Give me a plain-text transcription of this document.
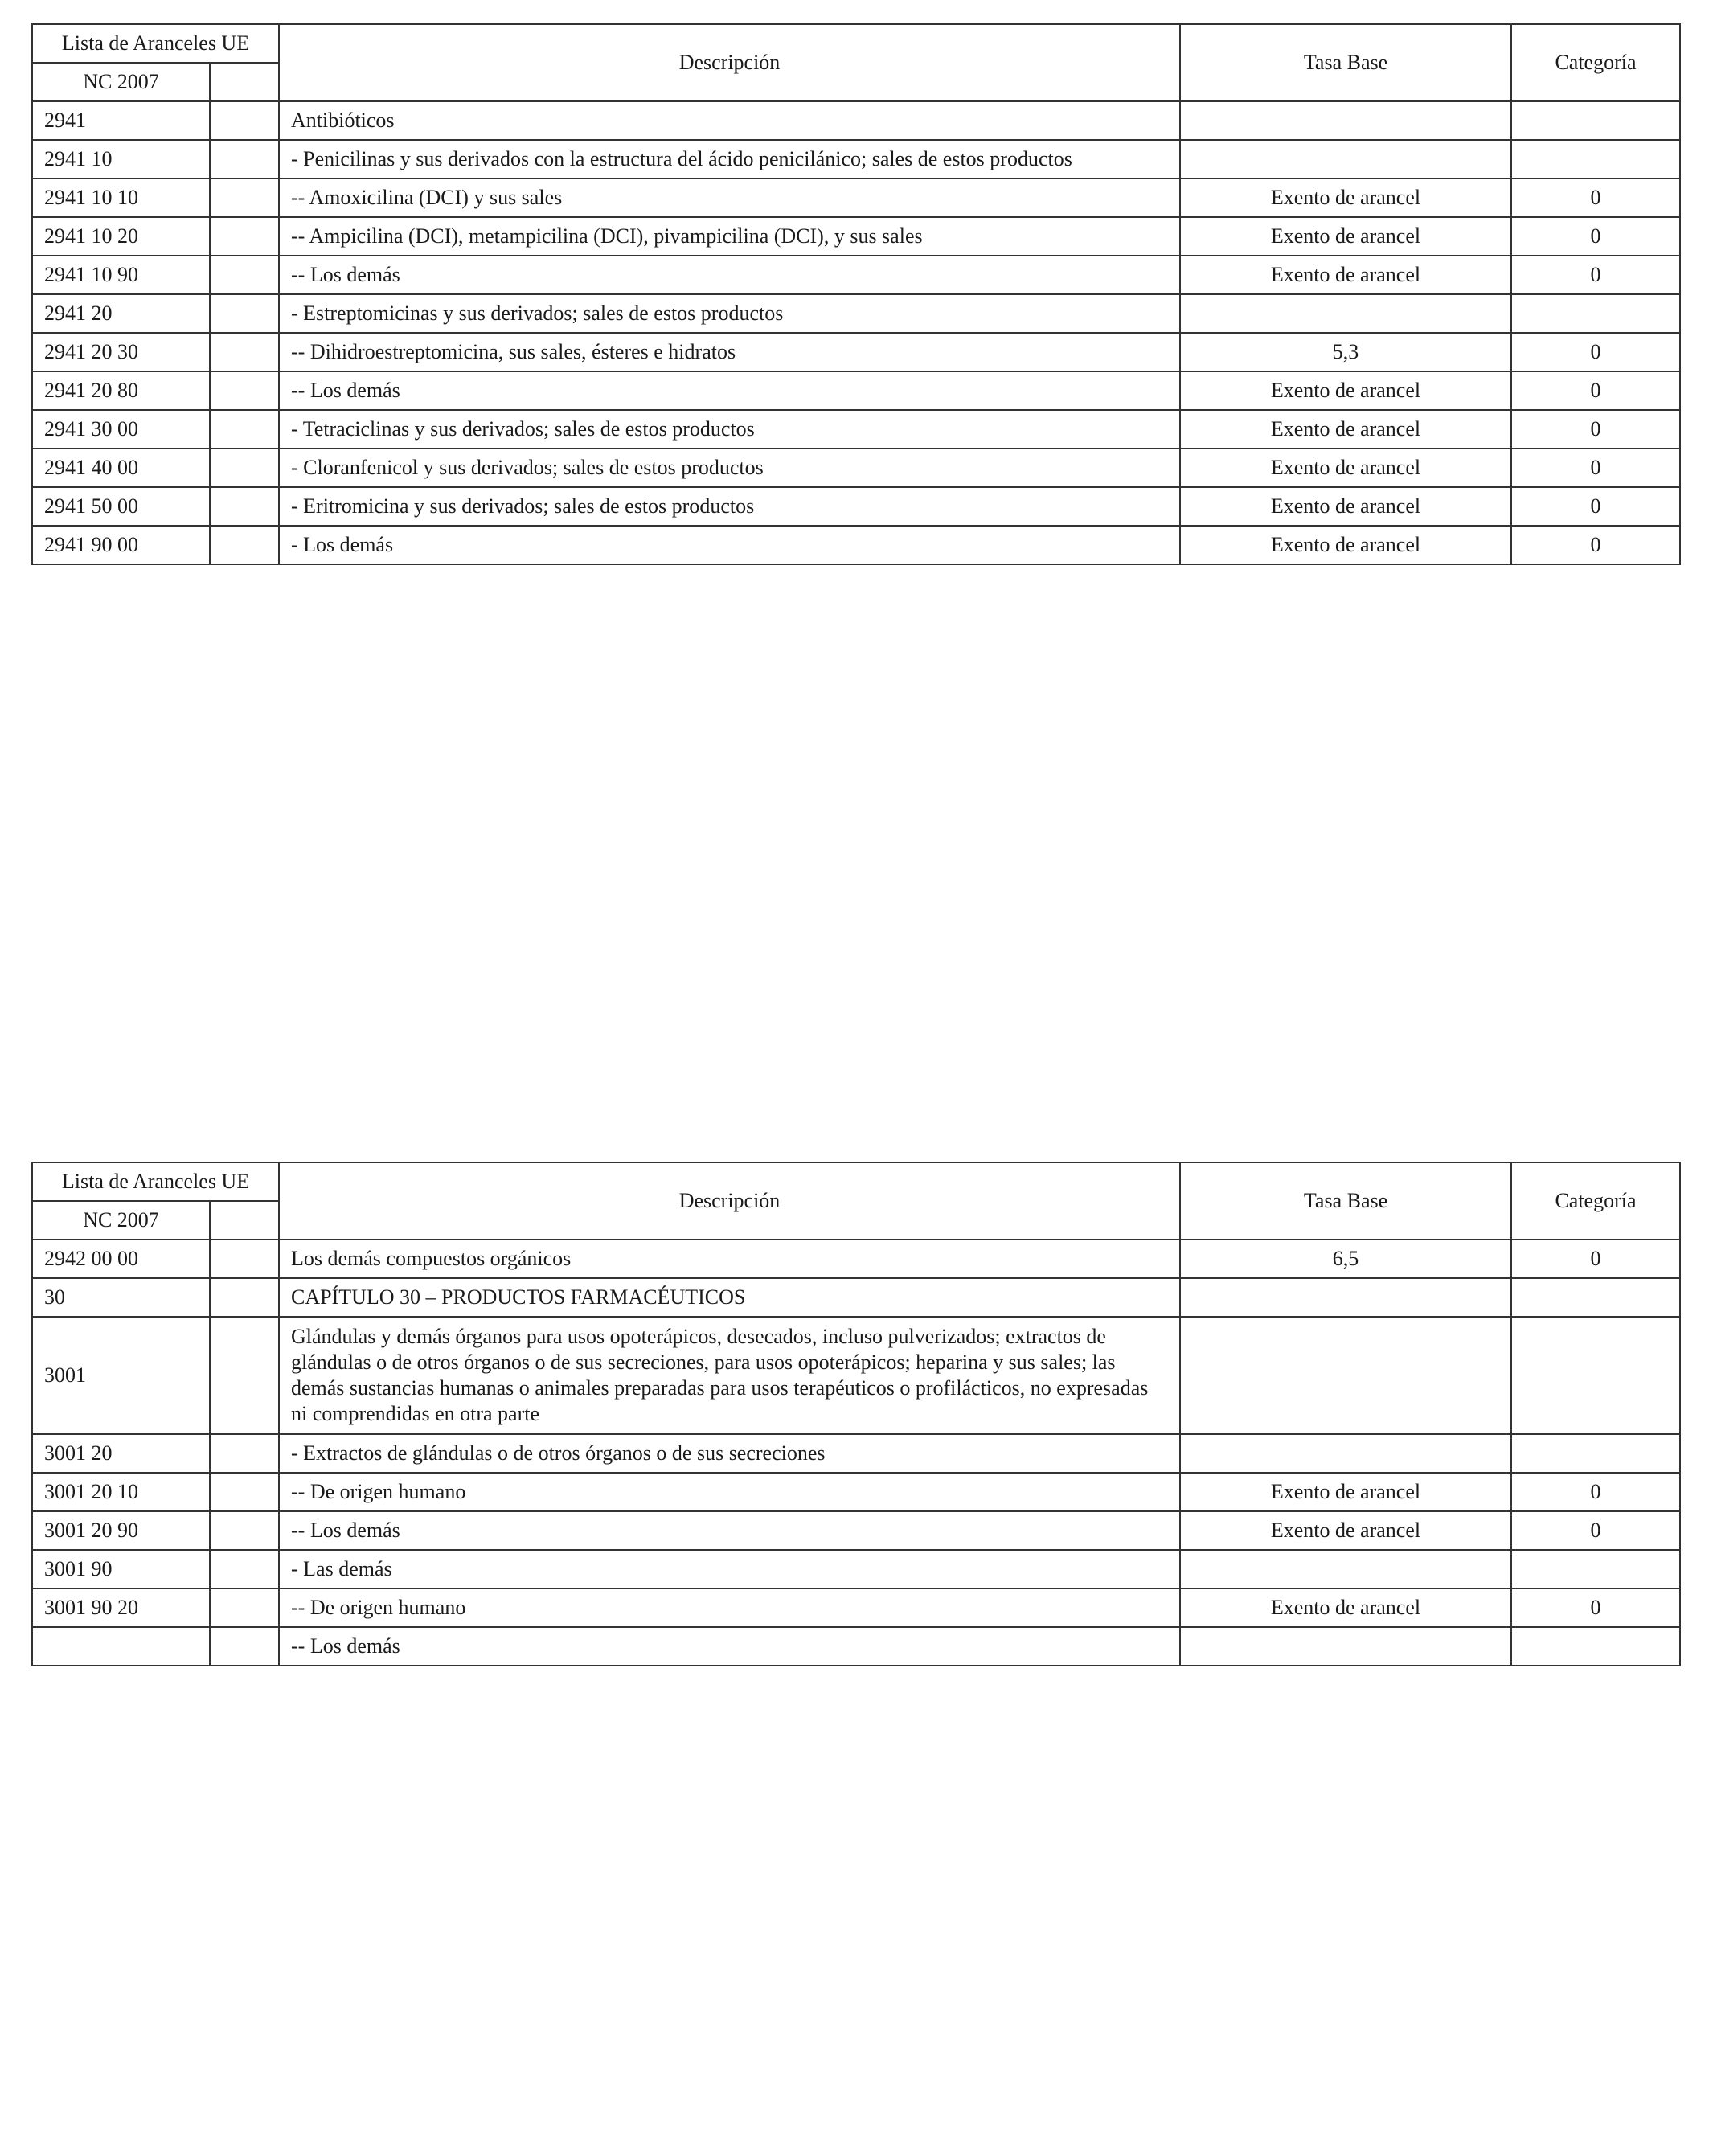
Lista de Aranceles UE		Descripción	Tasa Base	Categoría
NC 2007				
2941		Antibióticos		
2941 10		- Penicilinas y sus derivados con la estructura del ácido penicilánico; sales de estos productos		
2941 10 10		-- Amoxicilina (DCI) y sus sales	Exento de arancel	0
2941 10 20		-- Ampicilina (DCI), metampicilina (DCI), pivampicilina (DCI), y sus sales	Exento de arancel	0
2941 10 90		-- Los demás	Exento de arancel	0
2941 20		- Estreptomicinas y sus derivados; sales de estos productos		
2941 20 30		-- Dihidroestreptomicina, sus sales, ésteres e hidratos	5,3	0
2941 20 80		-- Los demás	Exento de arancel	0
2941 30 00		- Tetraciclinas y sus derivados; sales de estos productos	Exento de arancel	0
2941 40 00		- Cloranfenicol y sus derivados; sales de estos productos	Exento de arancel	0
2941 50 00		- Eritromicina y sus derivados; sales de estos productos	Exento de arancel	0
2941 90 00		- Los demás	Exento de arancel	0
Lista de Aranceles UE		Descripción	Tasa Base	Categoría
NC 2007				
2942 00 00		Los demás compuestos orgánicos	6,5	0
30		CAPÍTULO 30 – PRODUCTOS FARMACÉUTICOS		
3001		Glándulas y demás órganos para usos opoterápicos, desecados, incluso pulverizados; extractos de glándulas o de otros órganos o de sus secreciones, para usos opoterápicos; heparina y sus sales; las demás sustancias humanas o animales preparadas para usos terapéuticos o profilácticos, no expresadas ni comprendidas en otra parte		
3001 20		- Extractos de glándulas o de otros órganos o de sus secreciones		
3001 20 10		-- De origen humano	Exento de arancel	0
3001 20 90		-- Los demás	Exento de arancel	0
3001 90		- Las demás		
3001 90 20		-- De origen humano	Exento de arancel	0
		-- Los demás		
